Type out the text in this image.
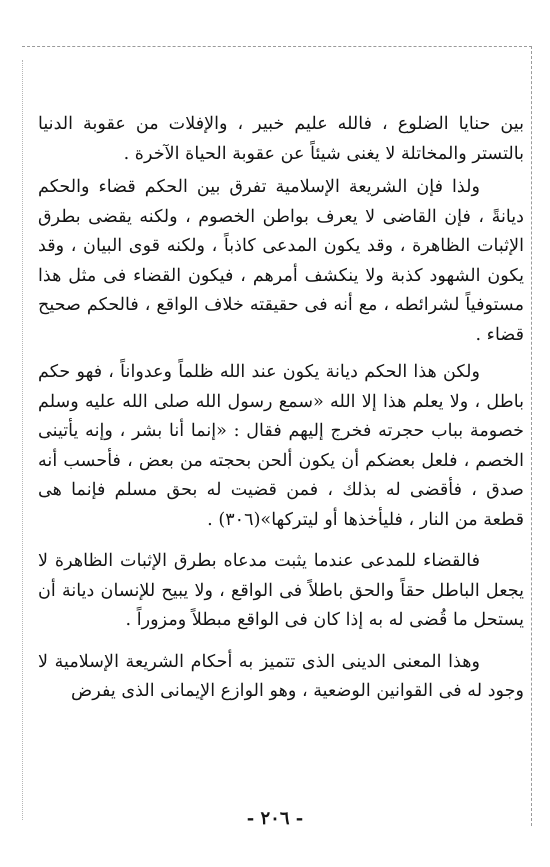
بين حنايا الضلوع ، فالله عليم خبير ، والإفلات من عقوبة الدنيا بالتستر والمخاتلة لا يغنى شيئاً عن عقوبة الحياة الآخرة .

ولذا فإن الشريعة الإسلامية تفرق بين الحكم قضاء والحكم ديانةً ، فإن القاضى لا يعرف بواطن الخصوم ، ولكنه يقضى بطرق الإثبات الظاهرة ، وقد يكون المدعى كاذباً ، ولكنه قوى البيان ، وقد يكون الشهود كذبة ولا ينكشف أمرهم ، فيكون القضاء فى مثل هذا مستوفياً لشرائطه ، مع أنه فى حقيقته خلاف الواقع ، فالحكم صحيح قضاء .

ولكن هذا الحكم ديانة يكون عند الله ظلماً وعدواناً ، فهو حكم باطل ، ولا يعلم هذا إلا الله «سمع رسول الله صلى الله عليه وسلم خصومة بباب حجرته فخرج إليهم فقال : «إنما أنا بشر ، وإنه يأتينى الخصم ، فلعل بعضكم أن يكون ألحن بحجته من بعض ، فأحسب أنه صدق ، فأقضى له بذلك ، فمن قضيت له بحق مسلم فإنما هى قطعة من النار ، فليأخذها أو ليتركها»(٣٠٦) .

فالقضاء للمدعى عندما يثبت مدعاه بطرق الإثبات الظاهرة لا يجعل الباطل حقاً والحق باطلاً فى الواقع ، ولا يبيح للإنسان ديانة أن يستحل ما قُضى له به إذا كان فى الواقع مبطلاً ومزوراً .

وهذا المعنى الدينى الذى تتميز به أحكام الشريعة الإسلامية لا وجود له فى القوانين الوضعية ، وهو الوازع الإيمانى الذى يفرض

- ٢٠٦ -
